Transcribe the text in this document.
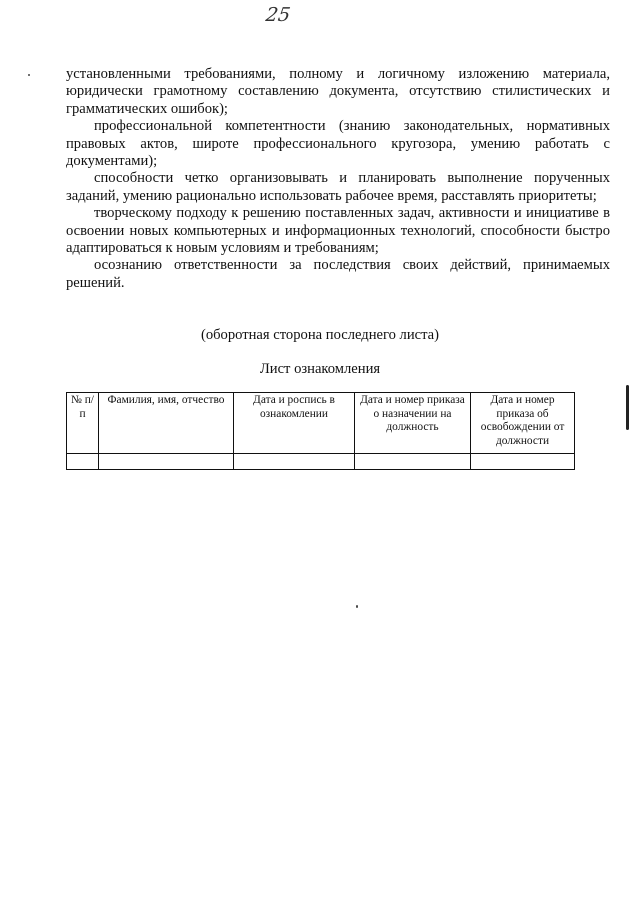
25

установленными требованиями, полному и логичному изложению материала, юридически грамотному составлению документа, отсутствию стилистических и грамматических ошибок);

профессиональной компетентности (знанию законодательных, нормативных правовых актов, широте профессионального кругозора, умению работать с документами);

способности четко организовывать и планировать выполнение порученных заданий, умению рационально использовать рабочее время, расставлять приоритеты;

творческому подходу к решению поставленных задач, активности и инициативе в освоении новых компьютерных и информационных технологий, способности быстро адаптироваться к новым условиям и требованиям;

осознанию ответственности за последствия своих действий, принимаемых решений.

(оборотная сторона последнего листа)
Лист ознакомления
№ п/п	Фамилия, имя, отчество	Дата и роспись в ознакомлении	Дата и номер приказа о назначении на должность	Дата и номер приказа об освобождении от должности
